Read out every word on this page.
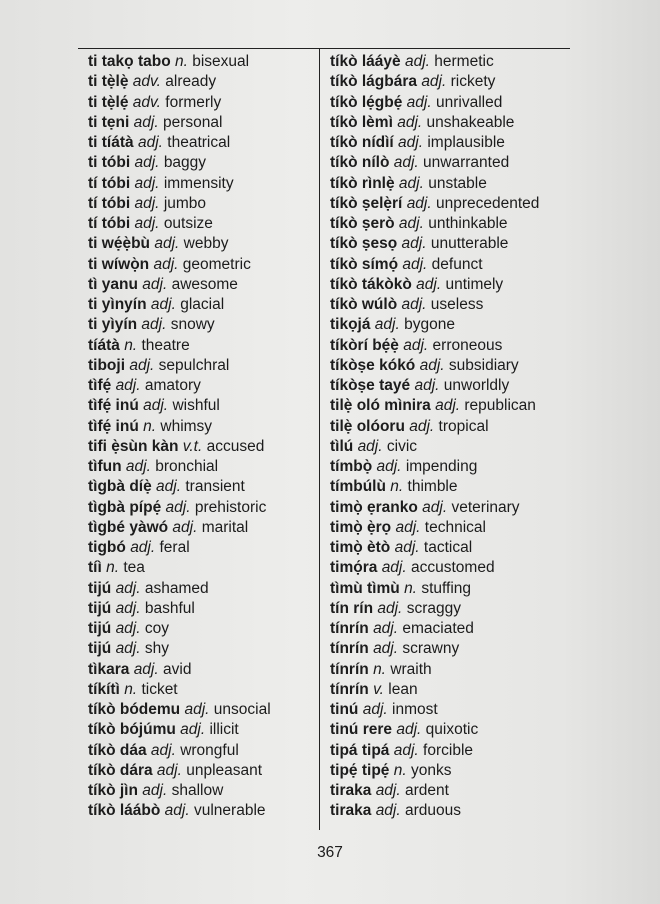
ti takọ tabo n. bisexual
ti tẹ̀lẹ̀ adv. already
ti tẹ̀lẹ́ adv. formerly
ti tẹni adj. personal
ti tíátà adj. theatrical
ti tóbi adj. baggy
tí tóbi adj. immensity
tí tóbi adj. jumbo
tí tóbi adj. outsize
ti wẹ́ẹ̀bù adj. webby
ti wíwọ̀n adj. geometric
tì yanu adj. awesome
ti yìnyín adj. glacial
ti yìyín adj. snowy
tíátà n. theatre
tiboji adj. sepulchral
tìfẹ́ adj. amatory
tìfẹ́ inú adj. wishful
tìfẹ́ inú n. whimsy
tifi ẹ̀sùn kàn v.t. accused
tìfun adj. bronchial
tìgbà díẹ̀ adj. transient
tìgbà pípẹ́ adj. prehistoric
tìgbé yàwó adj. marital
tigbó adj. feral
tíì n. tea
tijú adj. ashamed
tijú adj. bashful
tijú adj. coy
tijú adj. shy
tìkara adj. avid
tíkítì n. ticket
tíkò bódemu adj. unsocial
tíkò bójúmu adj. illicit
tíkò dáa adj. wrongful
tíkò dára adj. unpleasant
tíkò jìn adj. shallow
tíkò láábò adj. vulnerable
tíkò lááyè adj. hermetic
tíkò lágbára adj. rickety
tíkò lẹ́gbẹ́ adj. unrivalled
tíkò lèmì adj. unshakeable
tíkò nídìí adj. implausible
tíkò nílò adj. unwarranted
tíkò rìnlẹ̀ adj. unstable
tíkò ṣelẹ̀rí adj. unprecedented
tíkò ṣerò adj. unthinkable
tíkò ṣesọ adj. unutterable
tíkò símọ́ adj. defunct
tíkò tákòkò adj. untimely
tíkò wúlò adj. useless
tikọjá adj. bygone
tíkòrí bẹ́ẹ̀ adj. erroneous
tíkòṣe kókó adj. subsidiary
tíkòṣe tayé adj. unworldly
tilẹ̀ oló mìnira adj. republican
tilẹ̀ olóoru adj. tropical
tìlú adj. civic
tímbọ̀ adj. impending
tímbúlù n. thimble
timọ̀ ẹranko adj. veterinary
timọ̀ ẹ̀rọ adj. technical
timọ̀ ètò adj. tactical
timọ́ra adj. accustomed
tìmù tìmù n. stuffing
tín rín adj. scraggy
tínrín adj. emaciated
tínrín adj. scrawny
tínrín n. wraith
tínrín v. lean
tinú adj. inmost
tinú rere adj. quixotic
tipá tipá adj. forcible
tipẹ́ tipẹ́ n. yonks
tiraka adj. ardent
tiraka adj. arduous
367
